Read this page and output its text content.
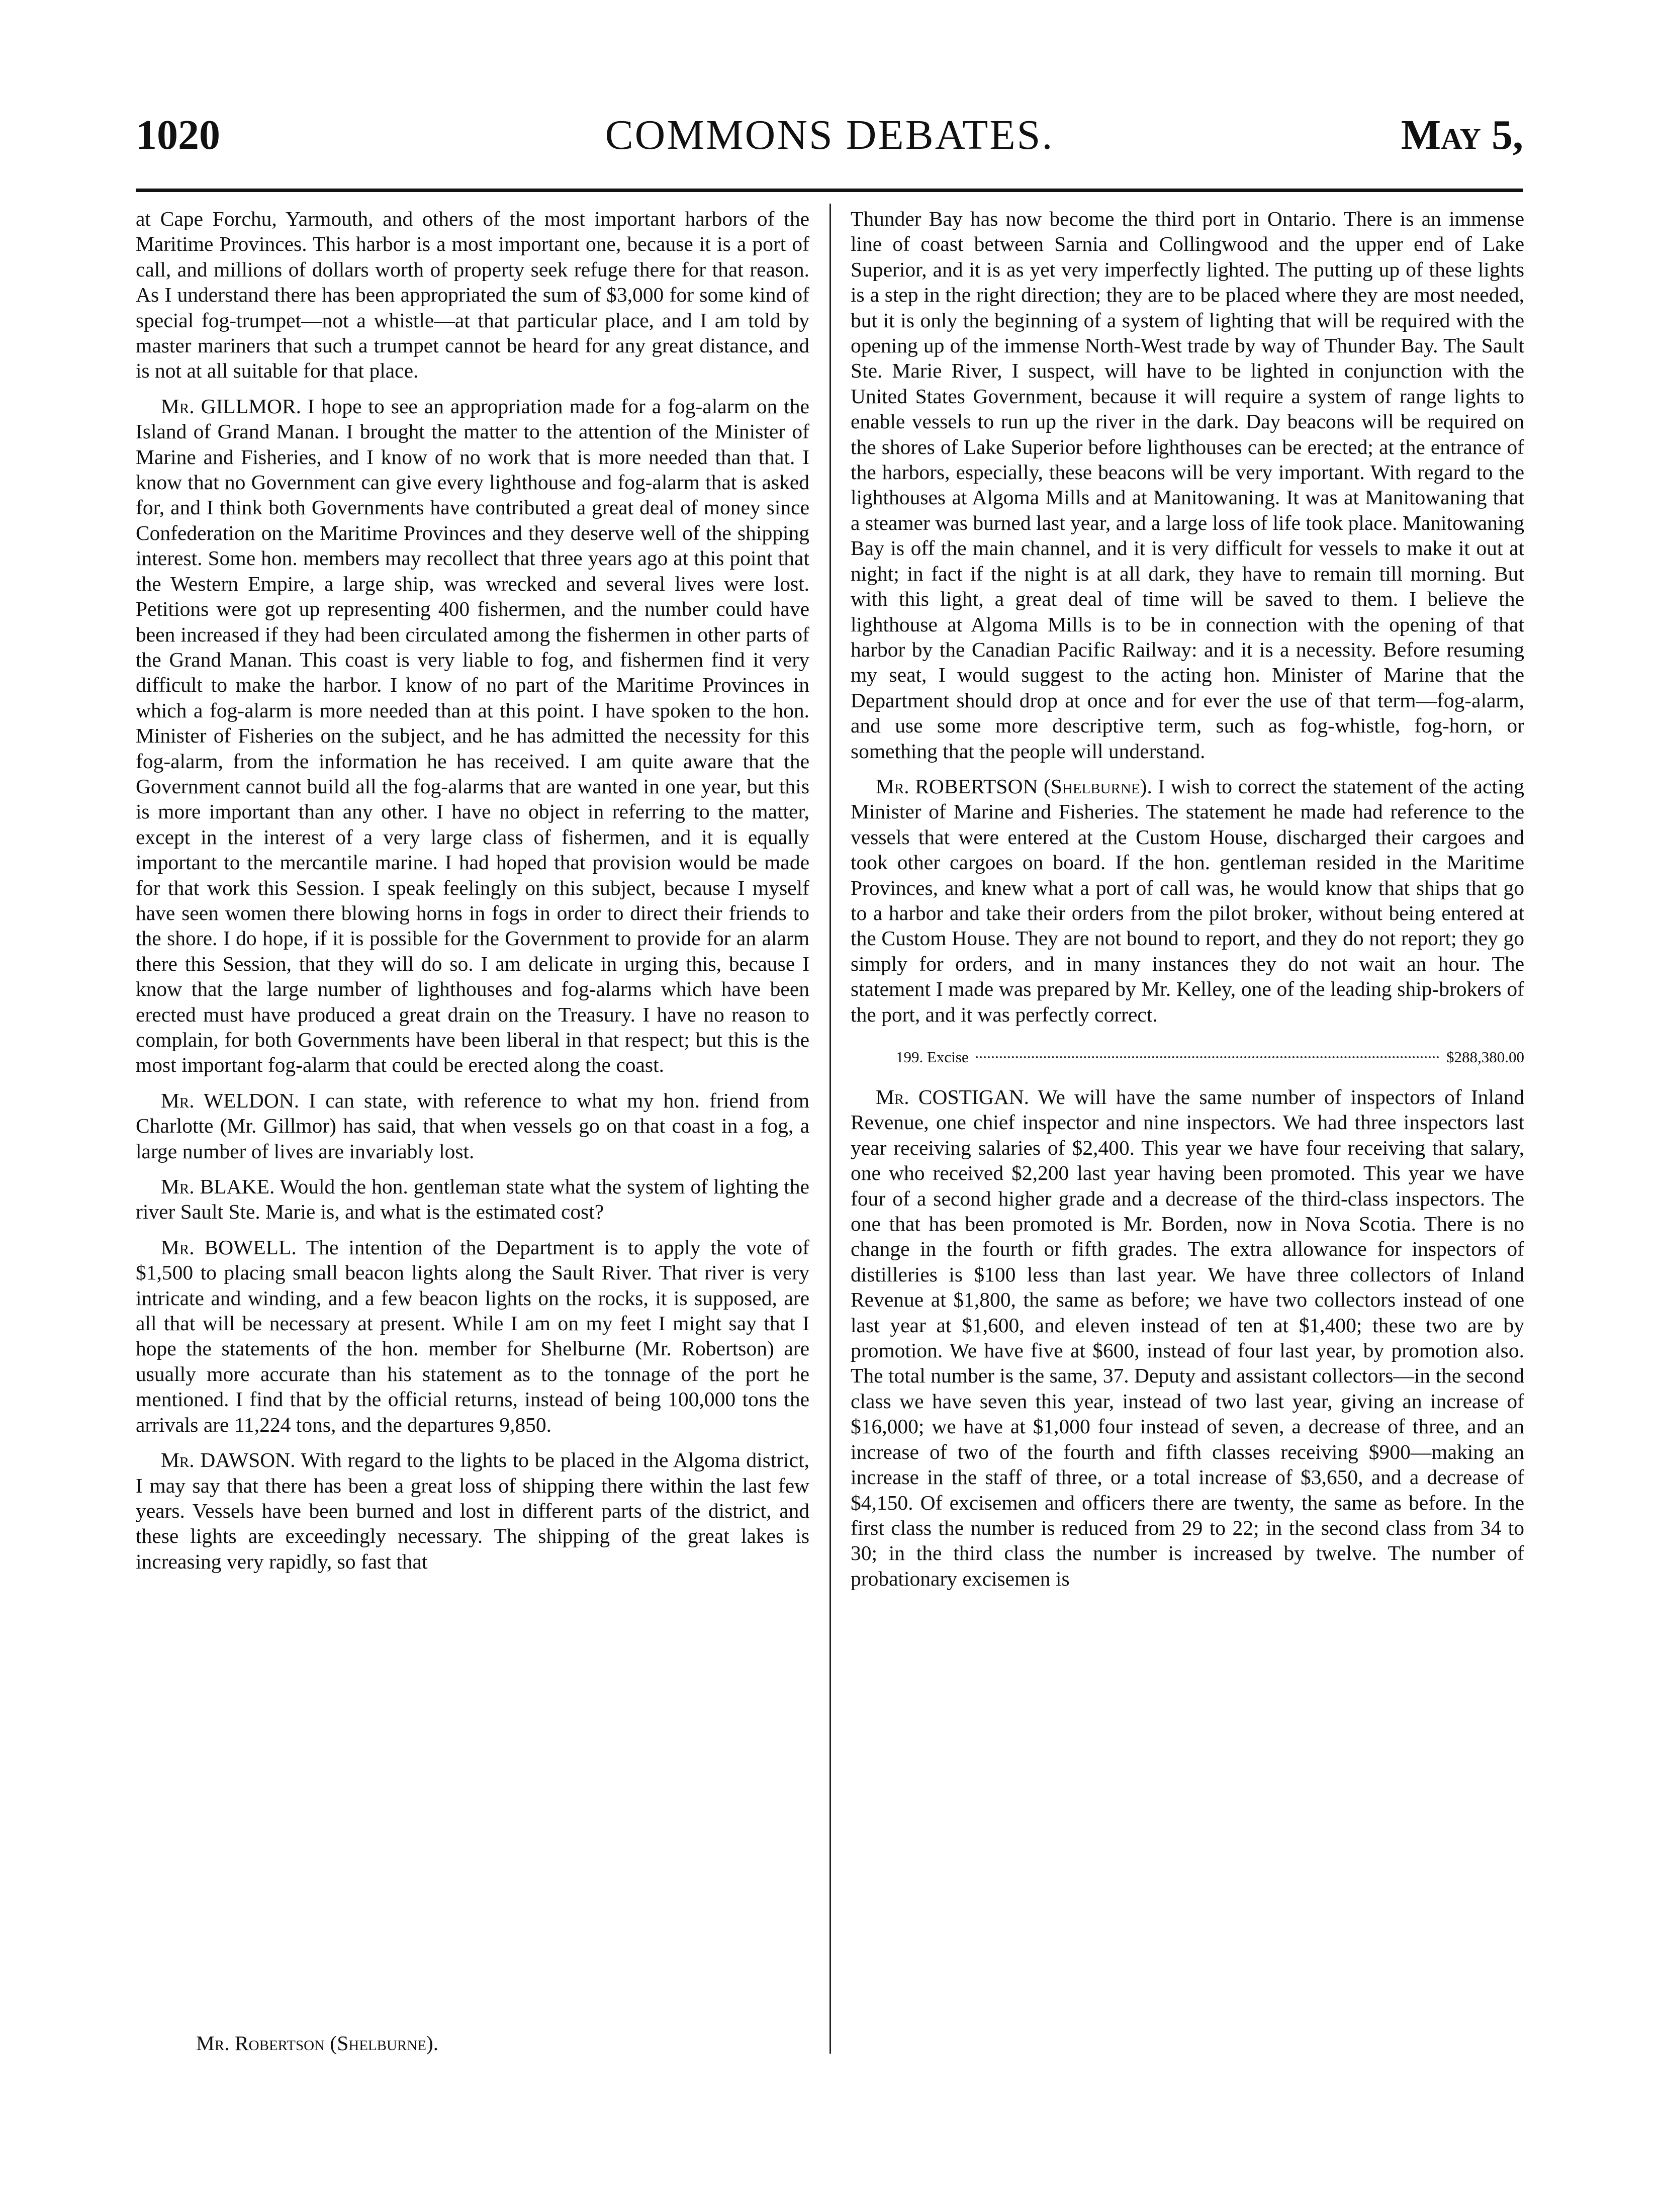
1020	COMMONS DEBATES.	May 5,

at Cape Forchu, Yarmouth, and others of the most important harbors of the Maritime Provinces. This harbor is a most important one, because it is a port of call, and millions of dollars worth of property seek refuge there for that reason. As I understand there has been appropriated the sum of $3,000 for some kind of special fog-trumpet—not a whistle—at that particular place, and I am told by master mariners that such a trumpet cannot be heard for any great distance, and is not at all suitable for that place.

Mr. GILLMOR. I hope to see an appropriation made for a fog-alarm on the Island of Grand Manan. I brought the matter to the attention of the Minister of Marine and Fisheries, and I know of no work that is more needed than that. I know that no Government can give every lighthouse and fog-alarm that is asked for, and I think both Governments have contributed a great deal of money since Confederation on the Maritime Provinces and they deserve well of the shipping interest. Some hon. members may recollect that three years ago at this point that the Western Empire, a large ship, was wrecked and several lives were lost. Petitions were got up representing 400 fishermen, and the number could have been increased if they had been circulated among the fishermen in other parts of the Grand Manan. This coast is very liable to fog, and fishermen find it very difficult to make the harbor. I know of no part of the Maritime Provinces in which a fog-alarm is more needed than at this point. I have spoken to the hon. Minister of Fisheries on the subject, and he has admitted the necessity for this fog-alarm, from the information he has received. I am quite aware that the Government cannot build all the fog-alarms that are wanted in one year, but this is more important than any other. I have no object in referring to the matter, except in the interest of a very large class of fishermen, and it is equally important to the mercantile marine. I had hoped that provision would be made for that work this Session. I speak feelingly on this subject, because I myself have seen women there blowing horns in fogs in order to direct their friends to the shore. I do hope, if it is possible for the Government to provide for an alarm there this Session, that they will do so. I am delicate in urging this, because I know that the large number of lighthouses and fog-alarms which have been erected must have produced a great drain on the Treasury. I have no reason to complain, for both Governments have been liberal in that respect; but this is the most important fog-alarm that could be erected along the coast.

Mr. WELDON. I can state, with reference to what my hon. friend from Charlotte (Mr. Gillmor) has said, that when vessels go on that coast in a fog, a large number of lives are invariably lost.

Mr. BLAKE. Would the hon. gentleman state what the system of lighting the river Sault Ste. Marie is, and what is the estimated cost?

Mr. BOWELL. The intention of the Department is to apply the vote of $1,500 to placing small beacon lights along the Sault River. That river is very intricate and winding, and a few beacon lights on the rocks, it is supposed, are all that will be necessary at present. While I am on my feet I might say that I hope the statements of the hon. member for Shelburne (Mr. Robertson) are usually more accurate than his statement as to the tonnage of the port he mentioned. I find that by the official returns, instead of being 100,000 tons the arrivals are 11,224 tons, and the departures 9,850.

Mr. DAWSON. With regard to the lights to be placed in the Algoma district, I may say that there has been a great loss of shipping there within the last few years. Vessels have been burned and lost in different parts of the district, and these lights are exceedingly necessary. The shipping of the great lakes is increasing very rapidly, so fast that

Mr. Robertson (Shelburne).

Thunder Bay has now become the third port in Ontario. There is an immense line of coast between Sarnia and Collingwood and the upper end of Lake Superior, and it is as yet very imperfectly lighted. The putting up of these lights is a step in the right direction; they are to be placed where they are most needed, but it is only the beginning of a system of lighting that will be required with the opening up of the immense North-West trade by way of Thunder Bay. The Sault Ste. Marie River, I suspect, will have to be lighted in conjunction with the United States Government, because it will require a system of range lights to enable vessels to run up the river in the dark. Day beacons will be required on the shores of Lake Superior before lighthouses can be erected; at the entrance of the harbors, especially, these beacons will be very important. With regard to the lighthouses at Algoma Mills and at Manitowaning. It was at Manitowaning that a steamer was burned last year, and a large loss of life took place. Manitowaning Bay is off the main channel, and it is very difficult for vessels to make it out at night; in fact if the night is at all dark, they have to remain till morning. But with this light, a great deal of time will be saved to them. I believe the lighthouse at Algoma Mills is to be in connection with the opening of that harbor by the Canadian Pacific Railway: and it is a necessity. Before resuming my seat, I would suggest to the acting hon. Minister of Marine that the Department should drop at once and for ever the use of that term—fog-alarm, and use some more descriptive term, such as fog-whistle, fog-horn, or something that the people will understand.

Mr. ROBERTSON (Shelburne). I wish to correct the statement of the acting Minister of Marine and Fisheries. The statement he made had reference to the vessels that were entered at the Custom House, discharged their cargoes and took other cargoes on board. If the hon. gentleman resided in the Maritime Provinces, and knew what a port of call was, he would know that ships that go to a harbor and take their orders from the pilot broker, without being entered at the Custom House. They are not bound to report, and they do not report; they go simply for orders, and in many instances they do not wait an hour. The statement I made was prepared by Mr. Kelley, one of the leading ship-brokers of the port, and it was perfectly correct.

199. Excise	$288,380.00

Mr. COSTIGAN. We will have the same number of inspectors of Inland Revenue, one chief inspector and nine inspectors. We had three inspectors last year receiving salaries of $2,400. This year we have four receiving that salary, one who received $2,200 last year having been promoted. This year we have four of a second higher grade and a decrease of the third-class inspectors. The one that has been promoted is Mr. Borden, now in Nova Scotia. There is no change in the fourth or fifth grades. The extra allowance for inspectors of distilleries is $100 less than last year. We have three collectors of Inland Revenue at $1,800, the same as before; we have two collectors instead of one last year at $1,600, and eleven instead of ten at $1,400; these two are by promotion. We have five at $600, instead of four last year, by promotion also. The total number is the same, 37. Deputy and assistant collectors—in the second class we have seven this year, instead of two last year, giving an increase of $16,000; we have at $1,000 four instead of seven, a decrease of three, and an increase of two of the fourth and fifth classes receiving $900—making an increase in the staff of three, or a total increase of $3,650, and a decrease of $4,150. Of excisemen and officers there are twenty, the same as before. In the first class the number is reduced from 29 to 22; in the second class from 34 to 30; in the third class the number is increased by twelve. The number of probationary excisemen is
